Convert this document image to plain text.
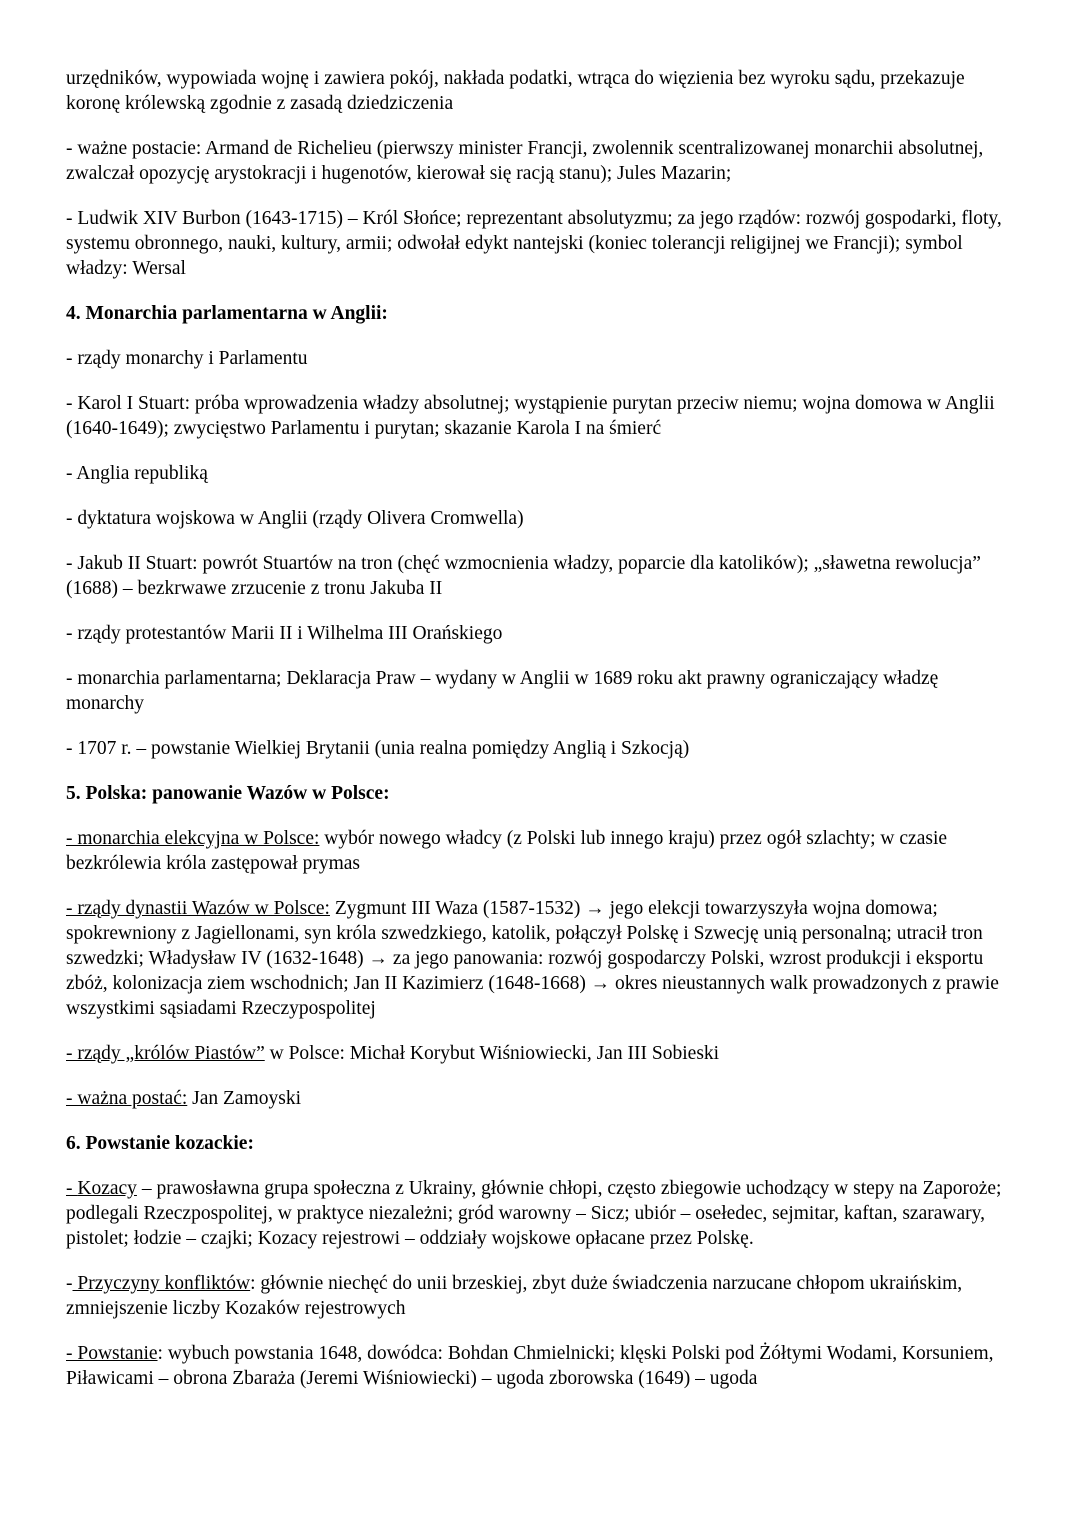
urzędników, wypowiada wojnę i zawiera pokój, nakłada podatki, wtrąca do więzienia bez wyroku sądu, przekazuje koronę królewską zgodnie z zasadą dziedziczenia

- ważne postacie: Armand de Richelieu (pierwszy minister Francji, zwolennik scentralizowanej monarchii absolutnej, zwalczał opozycję arystokracji i hugenotów, kierował się racją stanu); Jules Mazarin;

- Ludwik XIV Burbon (1643-1715) – Król Słońce; reprezentant absolutyzmu; za jego rządów: rozwój gospodarki, floty, systemu obronnego, nauki, kultury, armii; odwołał edykt nantejski (koniec tolerancji religijnej we Francji); symbol władzy: Wersal

4. Monarchia parlamentarna w Anglii:

- rządy monarchy i Parlamentu

- Karol I Stuart: próba wprowadzenia władzy absolutnej; wystąpienie purytan przeciw niemu; wojna domowa w Anglii (1640-1649); zwycięstwo Parlamentu i purytan; skazanie Karola I na śmierć

- Anglia republiką

- dyktatura wojskowa w Anglii (rządy Olivera Cromwella)

- Jakub II Stuart: powrót Stuartów na tron (chęć wzmocnienia władzy, poparcie dla katolików); „sławetna rewolucja” (1688) – bezkrwawe zrzucenie z tronu Jakuba II

- rządy protestantów Marii II i Wilhelma III Orańskiego

- monarchia parlamentarna; Deklaracja Praw – wydany w Anglii w 1689 roku akt prawny ograniczający władzę monarchy

- 1707 r. – powstanie Wielkiej Brytanii (unia realna pomiędzy Anglią i Szkocją)

5. Polska: panowanie Wazów w Polsce:

- monarchia elekcyjna w Polsce: wybór nowego władcy (z Polski lub innego kraju) przez ogół szlachty; w czasie bezkrólewia króla zastępował prymas

- rządy dynastii Wazów w Polsce: Zygmunt III Waza (1587-1532) → jego elekcji towarzyszyła wojna domowa; spokrewniony z Jagiellonami, syn króla szwedzkiego, katolik, połączył Polskę i Szwecję unią personalną; utracił tron szwedzki; Władysław IV (1632-1648) → za jego panowania: rozwój gospodarczy Polski, wzrost produkcji i eksportu zbóż, kolonizacja ziem wschodnich; Jan II Kazimierz (1648-1668) → okres nieustannych walk prowadzonych z prawie wszystkimi sąsiadami Rzeczypospolitej

- rządy „królów Piastów” w Polsce: Michał Korybut Wiśniowiecki, Jan III Sobieski

- ważna postać: Jan Zamoyski

6. Powstanie kozackie:

- Kozacy – prawosławna grupa społeczna z Ukrainy, głównie chłopi, często zbiegowie uchodzący w stepy na Zaporoże; podlegali Rzeczpospolitej, w praktyce niezależni; gród warowny – Sicz; ubiór – osełedec, sejmitar, kaftan, szarawary, pistolet; łodzie – czajki; Kozacy rejestrowi – oddziały wojskowe opłacane przez Polskę.

- Przyczyny konfliktów: głównie niechęć do unii brzeskiej, zbyt duże świadczenia narzucane chłopom ukraińskim, zmniejszenie liczby Kozaków rejestrowych

- Powstanie: wybuch powstania 1648, dowódca: Bohdan Chmielnicki; klęski Polski pod Żółtymi Wodami, Korsuniem, Piławicami – obrona Zbaraża (Jeremi Wiśniowiecki) – ugoda zborowska (1649) – ugoda
